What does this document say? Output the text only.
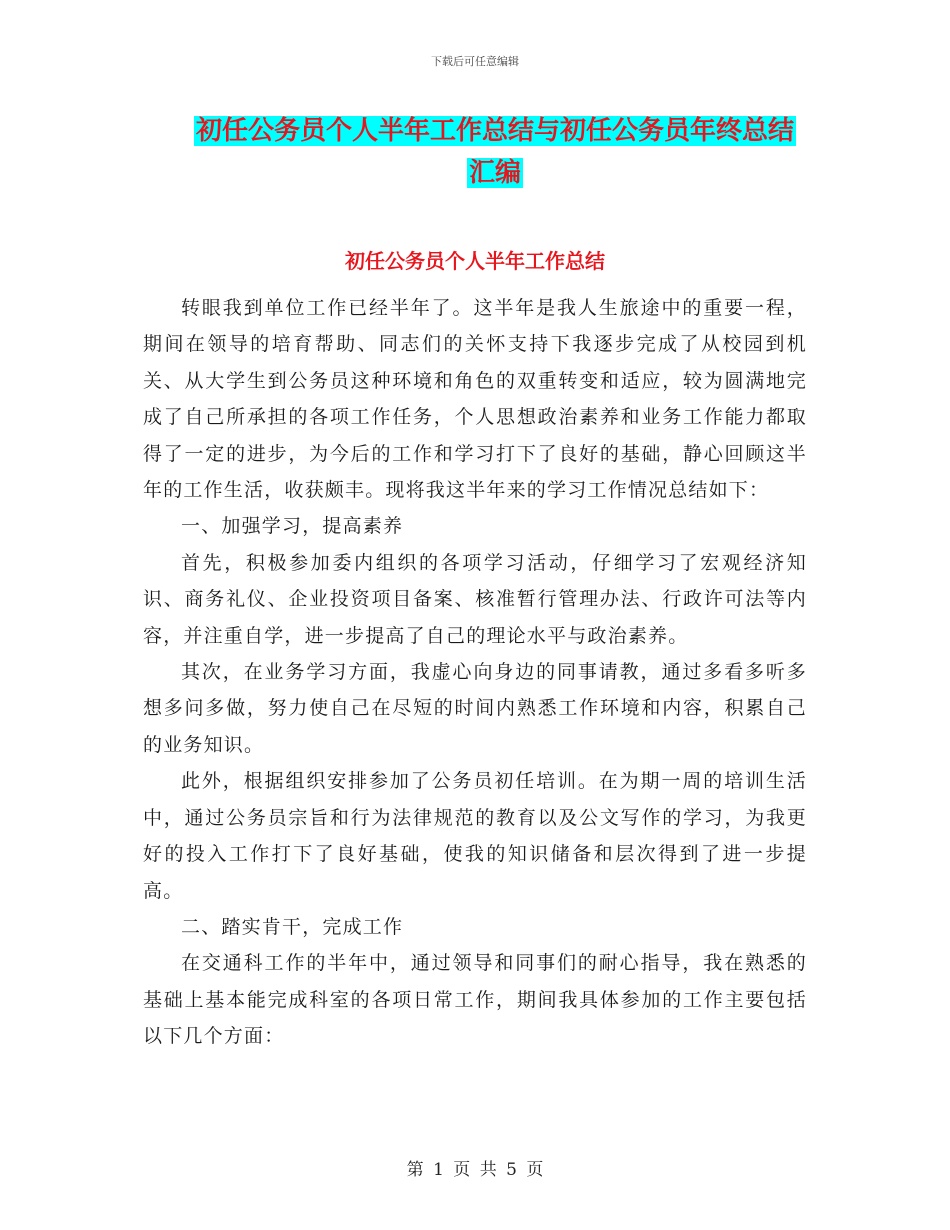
下载后可任意编辑
初任公务员个人半年工作总结与初任公务员年终总结
汇编
初任公务员个人半年工作总结

转眼我到单位工作已经半年了。这半年是我人生旅途中的重要一程，期间在领导的培育帮助、同志们的关怀支持下我逐步完成了从校园到机关、从大学生到公务员这种环境和角色的双重转变和适应，较为圆满地完成了自己所承担的各项工作任务，个人思想政治素养和业务工作能力都取得了一定的进步，为今后的工作和学习打下了良好的基础，静心回顾这半年的工作生活，收获颇丰。现将我这半年来的学习工作情况总结如下：

一、加强学习，提高素养

首先，积极参加委内组织的各项学习活动，仔细学习了宏观经济知识、商务礼仪、企业投资项目备案、核准暂行管理办法、行政许可法等内容，并注重自学，进一步提高了自己的理论水平与政治素养。

其次，在业务学习方面，我虚心向身边的同事请教，通过多看多听多想多问多做，努力使自己在尽短的时间内熟悉工作环境和内容，积累自己的业务知识。

此外，根据组织安排参加了公务员初任培训。在为期一周的培训生活中，通过公务员宗旨和行为法律规范的教育以及公文写作的学习，为我更好的投入工作打下了良好基础，使我的知识储备和层次得到了进一步提高。

二、踏实肯干，完成工作

在交通科工作的半年中，通过领导和同事们的耐心指导，我在熟悉的基础上基本能完成科室的各项日常工作，期间我具体参加的工作主要包括以下几个方面：

第 1 页 共 5 页
